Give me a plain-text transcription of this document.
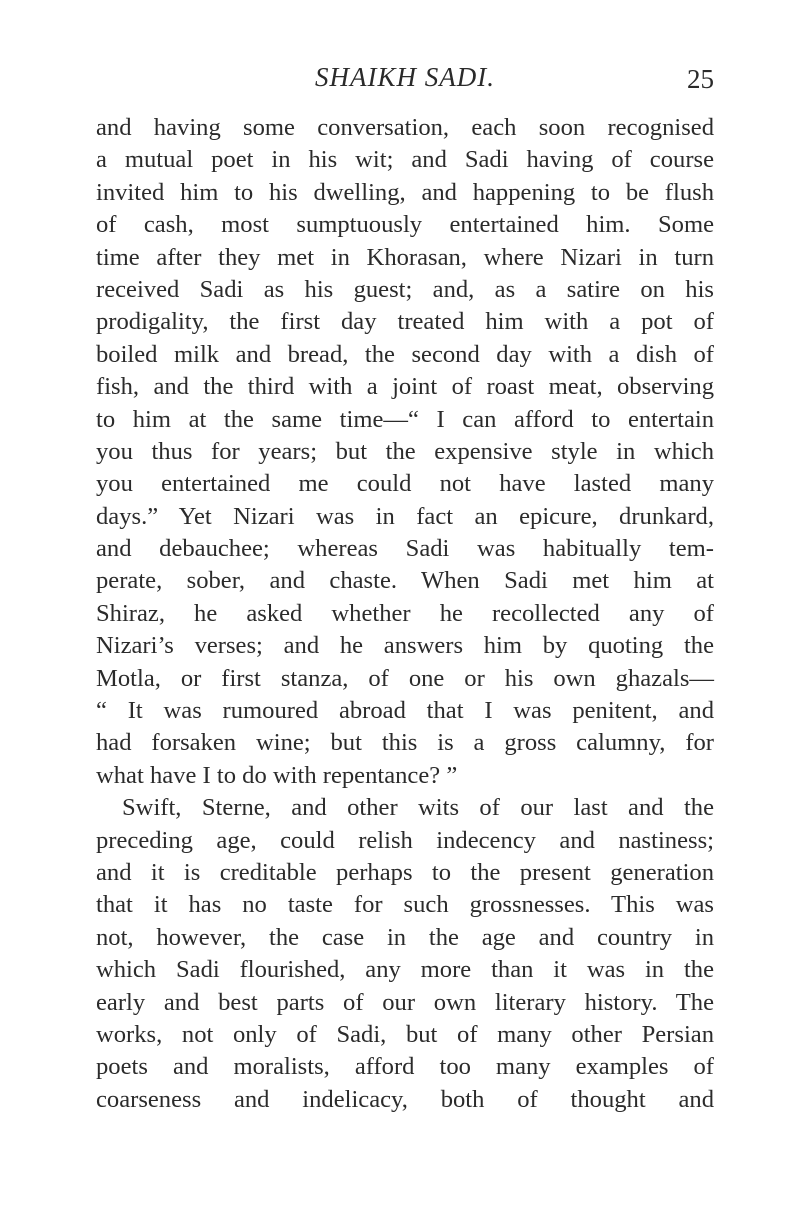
SHAIKH SADI.	25
and having some conversation, each soon recognised
a mutual poet in his wit; and Sadi having of course
invited him to his dwelling, and happening to be flush
of cash, most sumptuously entertained him. Some
time after they met in Khorasan, where Nizari in turn
received Sadi as his guest; and, as a satire on his
prodigality, the first day treated him with a pot of
boiled milk and bread, the second day with a dish of
fish, and the third with a joint of roast meat, observing
to him at the same time—“ I can afford to entertain
you thus for years; but the expensive style in which
you entertained me could not have lasted many
days.” Yet Nizari was in fact an epicure, drunkard,
and debauchee; whereas Sadi was habitually tem-
perate, sober, and chaste. When Sadi met him at
Shiraz, he asked whether he recollected any of
Nizari’s verses; and he answers him by quoting the
Motla, or first stanza, of one or his own ghazals—
“ It was rumoured abroad that I was penitent, and
had forsaken wine; but this is a gross calumny, for
what have I to do with repentance? ”
Swift, Sterne, and other wits of our last and the
preceding age, could relish indecency and nastiness;
and it is creditable perhaps to the present generation
that it has no taste for such grossnesses. This was
not, however, the case in the age and country in
which Sadi flourished, any more than it was in the
early and best parts of our own literary history. The
works, not only of Sadi, but of many other Persian
poets and moralists, afford too many examples of
coarseness and indelicacy, both of thought and
